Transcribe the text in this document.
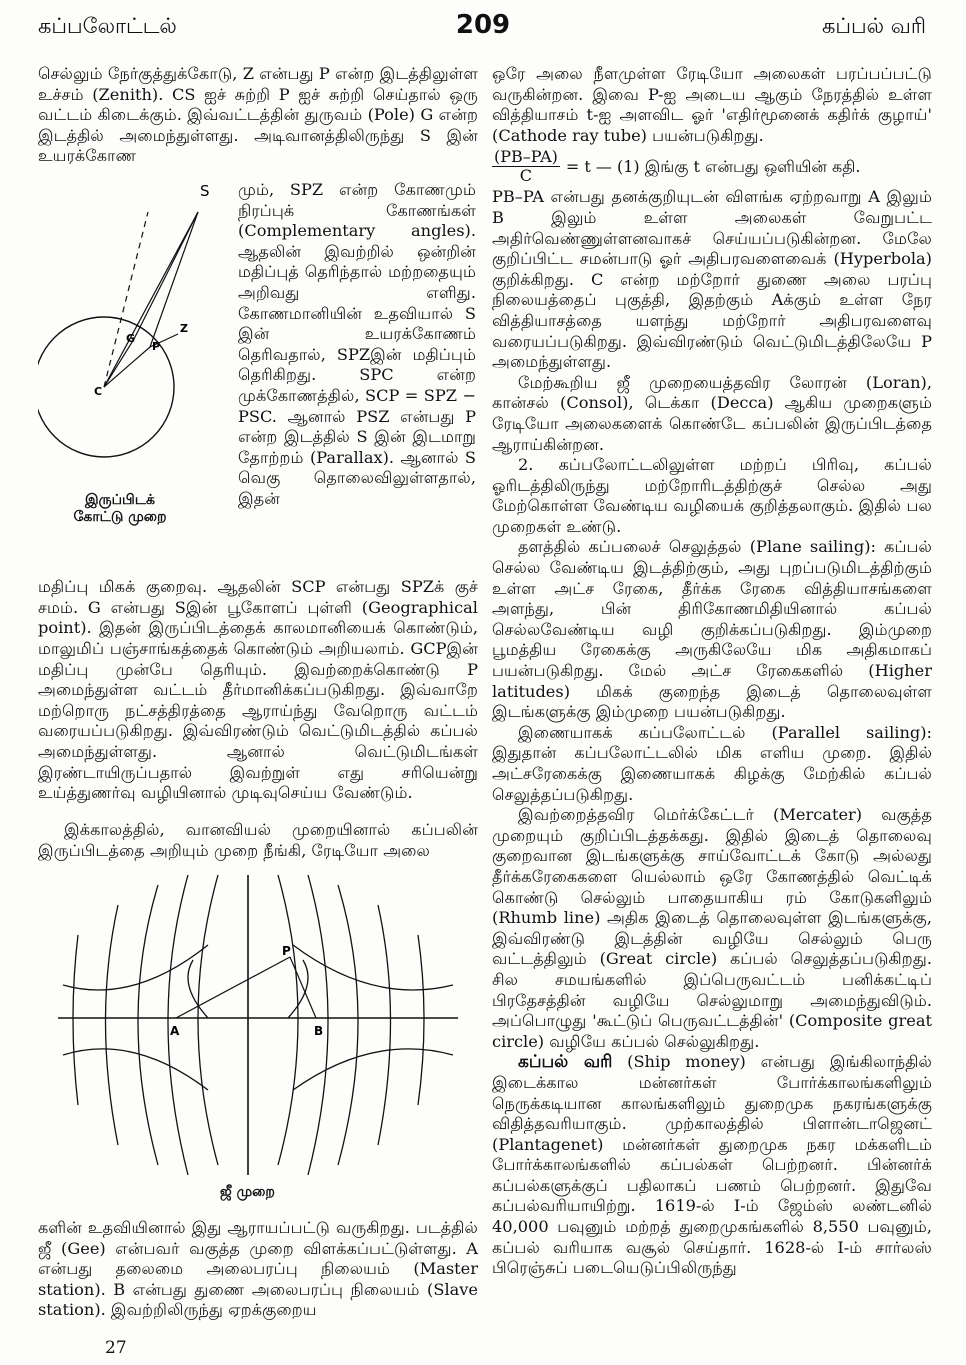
கப்பலோட்டல்	209	கப்பல் வரி

செல்லும் நேர்குத்துக்கோடு, Z என்பது P என்ற இடத்திலுள்ள உச்சம் (Zenith). CS ஐச் சுற்றி P ஐச் சுற்றி செய்தால் ஒரு வட்டம் கிடைக்கும். இவ்வட்டத்தின் துருவம் (Pole) G என்ற இடத்தில் அமைந்துள்ளது. அடிவானத்திலிருந்து S இன் உயரக்கோண

S
Z
P
G
C
இருப்பிடக்
கோட்டு முறை
மும், SPZ என்ற கோணமும் நிரப்புக் கோணங்கள் (Complementary angles). ஆதலின் இவற்றில் ஒன்றின் மதிப்புத் தெரிந்தால் மற்றதையும் அறிவது எளிது. கோணமானியின் உதவியால் S இன் உயரக்கோணம் தெரிவதால், SPZஇன் மதிப்பும் தெரிகிறது. SPC என்ற முக்கோணத்தில், SCP = SPZ − PSC. ஆனால் PSZ என்பது P என்ற இடத்தில் S இன் இடமாறு தோற்றம் (Parallax). ஆனால் S வெகு தொலைவிலுள்ளதால், இதன்

மதிப்பு மிகக் குறைவு. ஆதலின் SCP என்பது SPZக் குச் சமம். G என்பது Sஇன் பூகோளப் புள்ளி (Geographical point). இதன் இருப்பிடத்தைக் காலமானியைக் கொண்டும், மாலுமிப் பஞ்சாங்கத்தைக் கொண்டும் அறியலாம். GCPஇன் மதிப்பு முன்பே தெரியும். இவற்றைக்கொண்டு P அமைந்துள்ள வட்டம் தீர்மானிக்கப்படுகிறது. இவ்வாறே மற்றொரு நட்சத்திரத்தை ஆராய்ந்து வேறொரு வட்டம் வரையப்படுகிறது. இவ்விரண்டும் வெட்டுமிடத்தில் கப்பல் அமைந்துள்ளது. ஆனால் வெட்டுமிடங்கள் இரண்டாயிருப்பதால் இவற்றுள் எது சரியென்று உய்த்துணர்வு வழியினால் முடிவுசெய்ய வேண்டும்.

இக்காலத்தில், வானவியல் முறையினால் கப்பலின் இருப்பிடத்தை அறியும் முறை நீங்கி, ரேடியோ அலை

A	B
P
ஜீ முறை
களின் உதவியினால் இது ஆராயப்பட்டு வருகிறது. படத்தில் ஜீ (Gee) என்பவர் வகுத்த முறை விளக்கப்பட்டுள்ளது. A என்பது தலைமை அலைபரப்பு நிலையம் (Master station). B என்பது துணை அலைபரப்பு நிலையம் (Slave station). இவற்றிலிருந்து ஏறக்குறைய

ஒரே அலை நீளமுள்ள ரேடியோ அலைகள் பரப்பப்பட்டு வருகின்றன. இவை P-ஐ அடைய ஆகும் நேரத்தில் உள்ள வித்தியாசம் t-ஐ அளவிட ஓர் 'எதிர்மூனைக் கதிர்க் குழாய்' (Cathode ray tube) பயன்படுகிறது.

$\frac{(PB-PA)}{C} = t$ — (1) இங்கு t என்பது ஒளியின் கதி.

PB–PA என்பது தனக்குறியுடன் விளங்க ஏற்றவாறு A இலும் B இலும் உள்ள அலைகள் வேறுபட்ட அதிர்வெண்ணுள்ளனவாகச் செய்யப்படுகின்றன. மேலே குறிப்பிட்ட சமன்பாடு ஓர் அதிபரவளைவைக் (Hyperbola) குறிக்கிறது. C என்ற மற்றோர் துணை அலை பரப்பு நிலையத்தைப் புகுத்தி, இதற்கும் Aக்கும் உள்ள நேர வித்தியாசத்தை யளந்து மற்றோர் அதிபரவளைவு வரையப்படுகிறது. இவ்விரண்டும் வெட்டுமிடத்திலேயே P அமைந்துள்ளது.

மேற்கூறிய ஜீ முறையைத்தவிர லோரன் (Loran), கான்சல் (Consol), டெக்கா (Decca) ஆகிய முறைகளும் ரேடியோ அலைகளைக் கொண்டே கப்பலின் இருப்பிடத்தை ஆராய்கின்றன.

2. கப்பலோட்டலிலுள்ள மற்றப் பிரிவு, கப்பல் ஓரிடத்திலிருந்து மற்றோரிடத்திற்குச் செல்ல அது மேற்கொள்ள வேண்டிய வழியைக் குறித்தலாகும். இதில் பல முறைகள் உண்டு.

தளத்தில் கப்பலைச் செலுத்தல் (Plane sailing): கப்பல் செல்ல வேண்டிய இடத்திற்கும், அது புறப்படுமிடத்திற்கும் உள்ள அட்ச ரேகை, தீர்க்க ரேகை வித்தியாசங்களை அளந்து, பின் திரிகோணமிதியினால் கப்பல் செல்லவேண்டிய வழி குறிக்கப்படுகிறது. இம்முறை பூமத்திய ரேகைக்கு அருகிலேயே மிக அதிகமாகப் பயன்படுகிறது. மேல் அட்ச ரேகைகளில் (Higher latitudes) மிகக் குறைந்த இடைத் தொலைவுள்ள இடங்களுக்கு இம்முறை பயன்படுகிறது.

இணையாகக் கப்பலோட்டல் (Parallel sailing): இதுதான் கப்பலோட்டலில் மிக எளிய முறை. இதில் அட்சரேகைக்கு இணையாகக் கிழக்கு மேற்கில் கப்பல் செலுத்தப்படுகிறது.

இவற்றைத்தவிர மெர்க்கேட்டர் (Mercater) வகுத்த முறையும் குறிப்பிடத்தக்கது. இதில் இடைத் தொலைவு குறைவான இடங்களுக்கு சாய்வோட்டக் கோடு அல்லது தீர்க்கரேகைகளை யெல்லாம் ஒரே கோணத்தில் வெட்டிக் கொண்டு செல்லும் பாதையாகிய ரம் கோடுகளிலும் (Rhumb line) அதிக இடைத் தொலைவுள்ள இடங்களுக்கு, இவ்விரண்டு இடத்தின் வழியே செல்லும் பெரு வட்டத்திலும் (Great circle) கப்பல் செலுத்தப்படுகிறது. சில சமயங்களில் இப்பெருவட்டம் பனிக்கட்டிப் பிரதேசத்தின் வழியே செல்லுமாறு அமைந்துவிடும். அப்பொழுது 'கூட்டுப் பெருவட்டத்தின்' (Composite great circle) வழியே கப்பல் செல்லுகிறது.

கப்பல் வரி (Ship money) என்பது இங்கிலாந்தில் இடைக்கால மன்னர்கள் போர்க்காலங்களிலும் நெருக்கடியான காலங்களிலும் துறைமுக நகரங்களுக்கு விதித்தவரியாகும். முற்காலத்தில் பிளான்டாஜெனட் (Plantagenet) மன்னர்கள் துறைமுக நகர மக்களிடம் போர்க்காலங்களில் கப்பல்கள் பெற்றனர். பின்னர்க் கப்பல்களுக்குப் பதிலாகப் பணம் பெற்றனர். இதுவே கப்பல்வரியாயிற்று. 1619-ல் I-ம் ஜேம்ஸ் லண்டனில் 40,000 பவுனும் மற்றத் துறைமுகங்களில் 8,550 பவுனும், கப்பல் வரியாக வசூல் செய்தார். 1628-ல் I-ம் சார்லஸ் பிரெஞ்சுப் படையெடுப்பிலிருந்து

27
